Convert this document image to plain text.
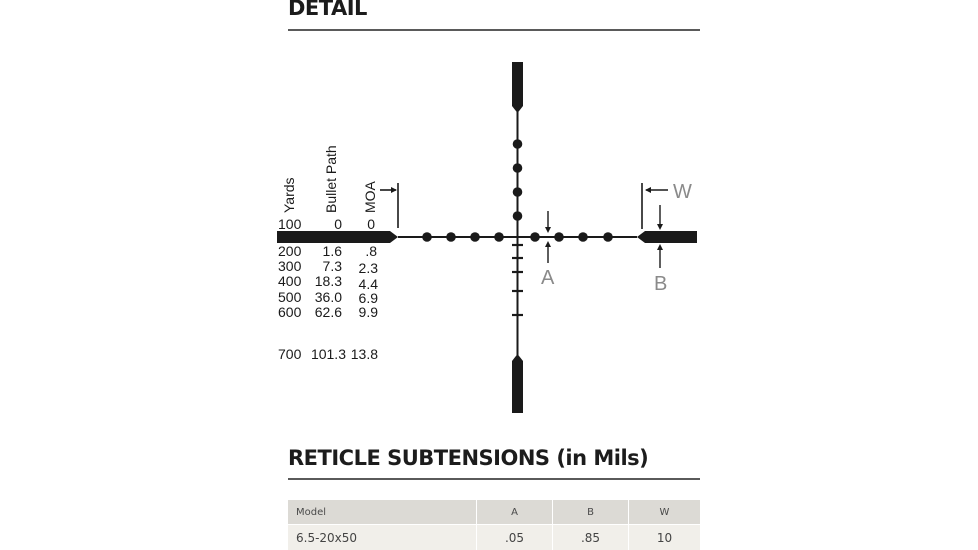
DETAIL
A
W
B
Yards Bullet Path MOA
100 0 0
200 1.6 .8
300 7.3 2.3
400 18.3 4.4
500 36.0 6.9
600 62.6 9.9
700 101.3 13.8
RETICLE SUBTENSIONS (in Mils)
Model	A	B	W
6.5-20x50	.05	.85	10
